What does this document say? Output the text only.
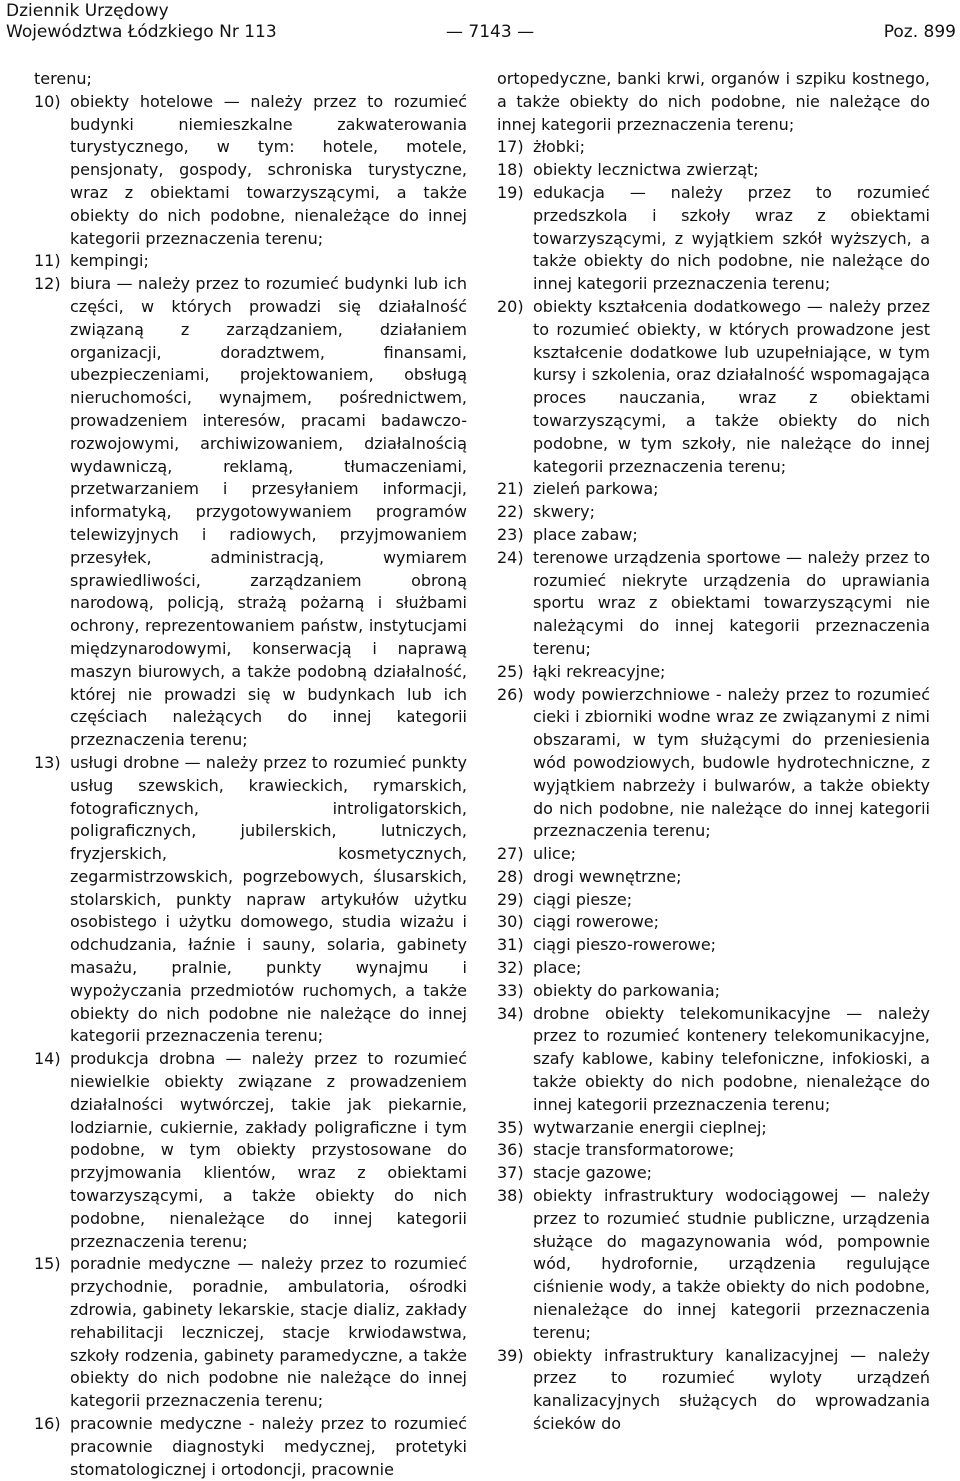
Dziennik Urzędowy
Województwa Łódzkiego Nr 113	— 7143 —	Poz. 899
terenu;
10) obiekty hotelowe — należy przez to rozumieć budynki niemieszkalne zakwaterowania turystycznego, w tym: hotele, motele, pensjonaty, gospody, schroniska turystyczne, wraz z obiektami towarzyszącymi, a także obiekty do nich podobne, nienależące do innej kategorii przeznaczenia terenu;
11) kempingi;
12) biura — należy przez to rozumieć budynki lub ich części, w których prowadzi się działalność związaną z zarządzaniem, działaniem organizacji, doradztwem, finansami, ubezpieczeniami, projektowaniem, obsługą nieruchomości, wynajmem, pośrednictwem, prowadzeniem interesów, pracami badawczo-rozwojowymi, archiwizowaniem, działalnością wydawniczą, reklamą, tłumaczeniami, przetwarzaniem i przesyłaniem informacji, informatyką, przygotowywaniem programów telewizyjnych i radiowych, przyjmowaniem przesyłek, administracją, wymiarem sprawiedliwości, zarządzaniem obroną narodową, policją, strażą pożarną i służbami ochrony, reprezentowaniem państw, instytucjami międzynarodowymi, konserwacją i naprawą maszyn biurowych, a także podobną działalność, której nie prowadzi się w budynkach lub ich częściach należących do innej kategorii przeznaczenia terenu;
13) usługi drobne — należy przez to rozumieć punkty usług szewskich, krawieckich, rymarskich, fotograficznych, introligatorskich, poligraficznych, jubilerskich, lutniczych, fryzjerskich, kosmetycznych, zegarmistrzowskich, pogrzebowych, ślusarskich, stolarskich, punkty napraw artykułów użytku osobistego i użytku domowego, studia wizażu i odchudzania, łaźnie i sauny, solaria, gabinety masażu, pralnie, punkty wynajmu i wypożyczania przedmiotów ruchomych, a także obiekty do nich podobne nie należące do innej kategorii przeznaczenia terenu;
14) produkcja drobna — należy przez to rozumieć niewielkie obiekty związane z prowadzeniem działalności wytwórczej, takie jak piekarnie, lodziarnie, cukiernie, zakłady poligraficzne i tym podobne, w tym obiekty przystosowane do przyjmowania klientów, wraz z obiektami towarzyszącymi, a także obiekty do nich podobne, nienależące do innej kategorii przeznaczenia terenu;
15) poradnie medyczne — należy przez to rozumieć przychodnie, poradnie, ambulatoria, ośrodki zdrowia, gabinety lekarskie, stacje dializ, zakłady rehabilitacji leczniczej, stacje krwiodawstwa, szkoły rodzenia, gabinety paramedyczne, a także obiekty do nich podobne nie należące do innej kategorii przeznaczenia terenu;
16) pracownie medyczne - należy przez to rozumieć pracownie diagnostyki medycznej, protetyki stomatologicznej i ortodoncji, pracownie
ortopedyczne, banki krwi, organów i szpiku kostnego, a także obiekty do nich podobne, nie należące do innej kategorii przeznaczenia terenu;
17) żłobki;
18) obiekty lecznictwa zwierząt;
19) edukacja — należy przez to rozumieć przedszkola i szkoły wraz z obiektami towarzyszącymi, z wyjątkiem szkół wyższych, a także obiekty do nich podobne, nie należące do innej kategorii przeznaczenia terenu;
20) obiekty kształcenia dodatkowego — należy przez to rozumieć obiekty, w których prowadzone jest kształcenie dodatkowe lub uzupełniające, w tym kursy i szkolenia, oraz działalność wspomagająca proces nauczania, wraz z obiektami towarzyszącymi, a także obiekty do nich podobne, w tym szkoły, nie należące do innej kategorii przeznaczenia terenu;
21) zieleń parkowa;
22) skwery;
23) place zabaw;
24) terenowe urządzenia sportowe — należy przez to rozumieć niekryte urządzenia do uprawiania sportu wraz z obiektami towarzyszącymi nie należącymi do innej kategorii przeznaczenia terenu;
25) łąki rekreacyjne;
26) wody powierzchniowe - należy przez to rozumieć cieki i zbiorniki wodne wraz ze związanymi z nimi obszarami, w tym służącymi do przeniesienia wód powodziowych, budowle hydrotechniczne, z wyjątkiem nabrzeży i bulwarów, a także obiekty do nich podobne, nie należące do innej kategorii przeznaczenia terenu;
27) ulice;
28) drogi wewnętrzne;
29) ciągi piesze;
30) ciągi rowerowe;
31) ciągi pieszo-rowerowe;
32) place;
33) obiekty do parkowania;
34) drobne obiekty telekomunikacyjne — należy przez to rozumieć kontenery telekomunikacyjne, szafy kablowe, kabiny telefoniczne, infokioski, a także obiekty do nich podobne, nienależące do innej kategorii przeznaczenia terenu;
35) wytwarzanie energii cieplnej;
36) stacje transformatorowe;
37) stacje gazowe;
38) obiekty infrastruktury wodociągowej — należy przez to rozumieć studnie publiczne, urządzenia służące do magazynowania wód, pompownie wód, hydrofornie, urządzenia regulujące ciśnienie wody, a także obiekty do nich podobne, nienależące do innej kategorii przeznaczenia terenu;
39) obiekty infrastruktury kanalizacyjnej — należy przez to rozumieć wyloty urządzeń kanalizacyjnych służących do wprowadzania ścieków do
